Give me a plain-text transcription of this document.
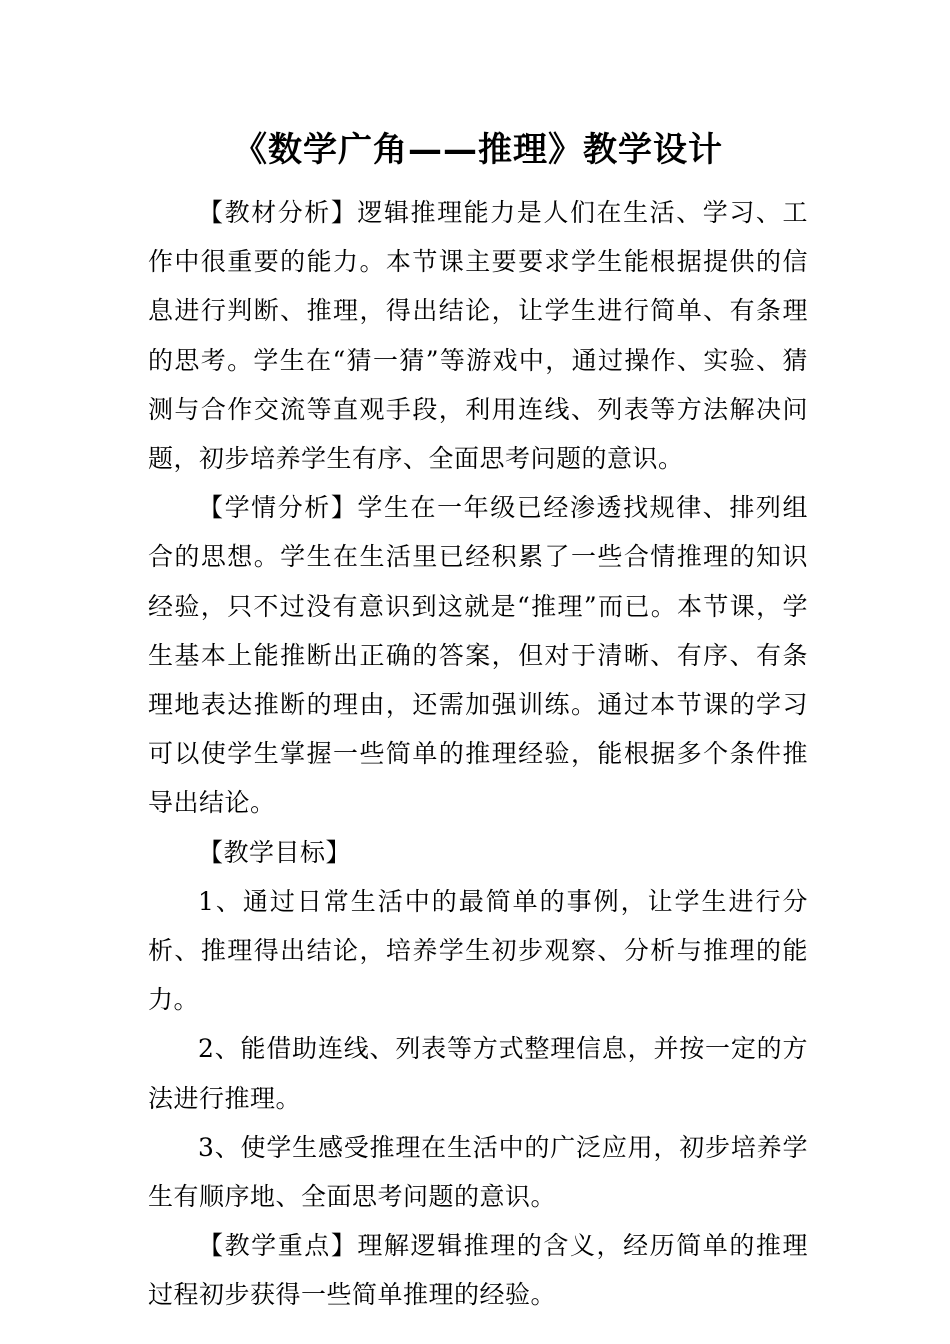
《数学广角——推理》教学设计

【教材分析】逻辑推理能力是人们在生活、学习、工作中很重要的能力。本节课主要要求学生能根据提供的信息进行判断、推理，得出结论，让学生进行简单、有条理的思考。学生在“猜一猜”等游戏中，通过操作、实验、猜测与合作交流等直观手段，利用连线、列表等方法解决问题，初步培养学生有序、全面思考问题的意识。

【学情分析】学生在一年级已经渗透找规律、排列组合的思想。学生在生活里已经积累了一些合情推理的知识经验，只不过没有意识到这就是“推理”而已。本节课，学生基本上能推断出正确的答案，但对于清晰、有序、有条理地表达推断的理由，还需加强训练。通过本节课的学习可以使学生掌握一些简单的推理经验，能根据多个条件推导出结论。

【教学目标】

1、通过日常生活中的最简单的事例，让学生进行分析、推理得出结论，培养学生初步观察、分析与推理的能力。

2、能借助连线、列表等方式整理信息，并按一定的方法进行推理。

3、使学生感受推理在生活中的广泛应用，初步培养学生有顺序地、全面思考问题的意识。

【教学重点】理解逻辑推理的含义，经历简单的推理过程初步获得一些简单推理的经验。
